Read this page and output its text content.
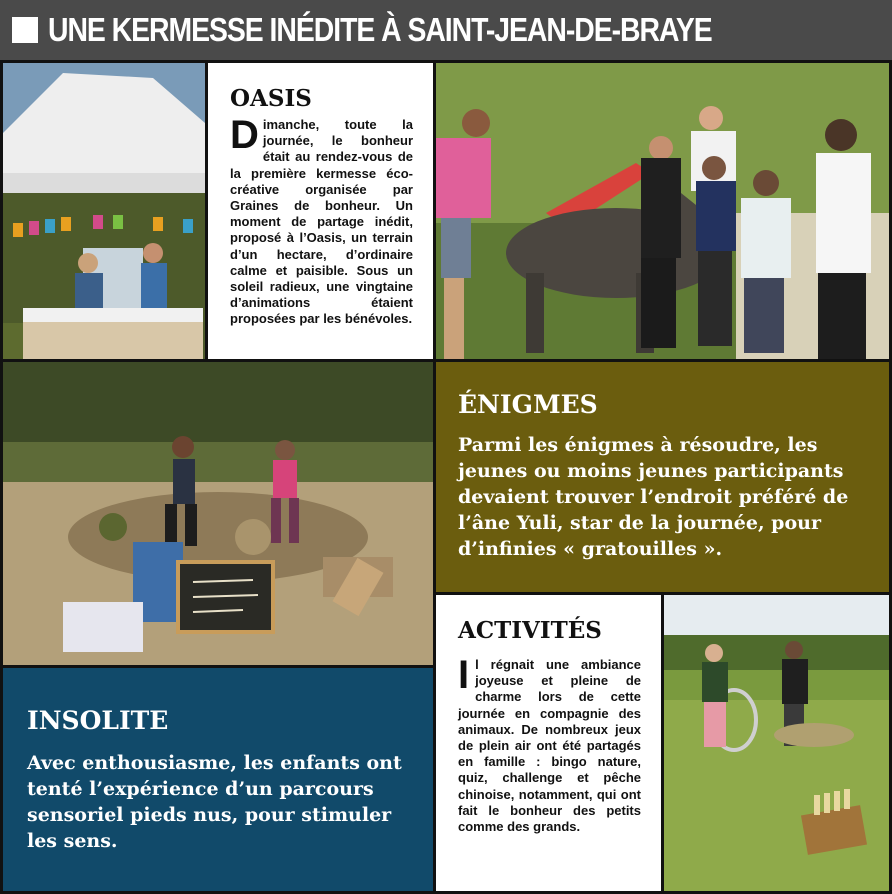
UNE KERMESSE INÉDITE À SAINT-JEAN-DE-BRAYE
OASIS
Dimanche, toute la journée, le bonheur était au rendez-vous de la première kermesse éco-créative organisée par Graines de bonheur. Un moment de partage inédit, proposé à l’Oasis, un terrain d’un hectare, d’ordinaire calme et paisible. Sous un soleil radieux, une vingtaine d’animations étaient proposées par les bénévoles.
ÉNIGMES
Parmi les énigmes à résoudre, les jeunes ou moins jeunes participants devaient trouver l’endroit préféré de l’âne Yuli, star de la journée, pour d’infinies « gratouilles ».
INSOLITE
Avec enthousiasme, les enfants ont tenté l’expérience d’un parcours sensoriel pieds nus, pour stimuler les sens.
ACTIVITÉS
Il régnait une ambiance joyeuse et pleine de charme lors de cette journée en compagnie des animaux. De nombreux jeux de plein air ont été partagés en famille : bingo nature, quiz, challenge et pêche chinoise, notamment, qui ont fait le bonheur des petits comme des grands.
